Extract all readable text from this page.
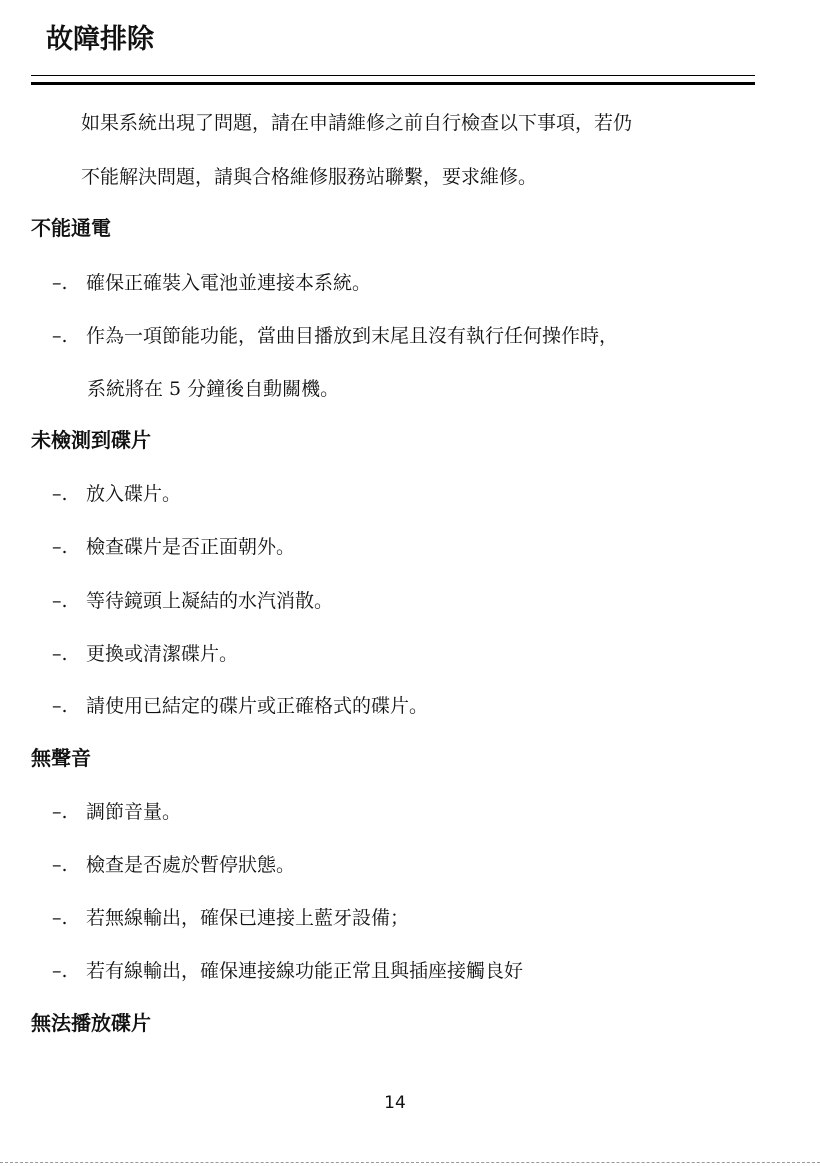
故障排除

如果系統出現了問題，請在申請維修之前自行檢查以下事項，若仍

不能解決問題，請與合格維修服務站聯繫，要求維修。

不能通電
–. 確保正確裝入電池並連接本系統。
–. 作為一項節能功能，當曲目播放到末尾且沒有執行任何操作時，
系統將在 5 分鐘後自動關機。
未檢測到碟片
–. 放入碟片。
–. 檢查碟片是否正面朝外。
–. 等待鏡頭上凝結的水汽消散。
–. 更換或清潔碟片。
–. 請使用已結定的碟片或正確格式的碟片。
無聲音
–. 調節音量。
–. 檢查是否處於暫停狀態。
–. 若無線輸出，確保已連接上藍牙設備；
–. 若有線輸出，確保連接線功能正常且與插座接觸良好
無法播放碟片
14
